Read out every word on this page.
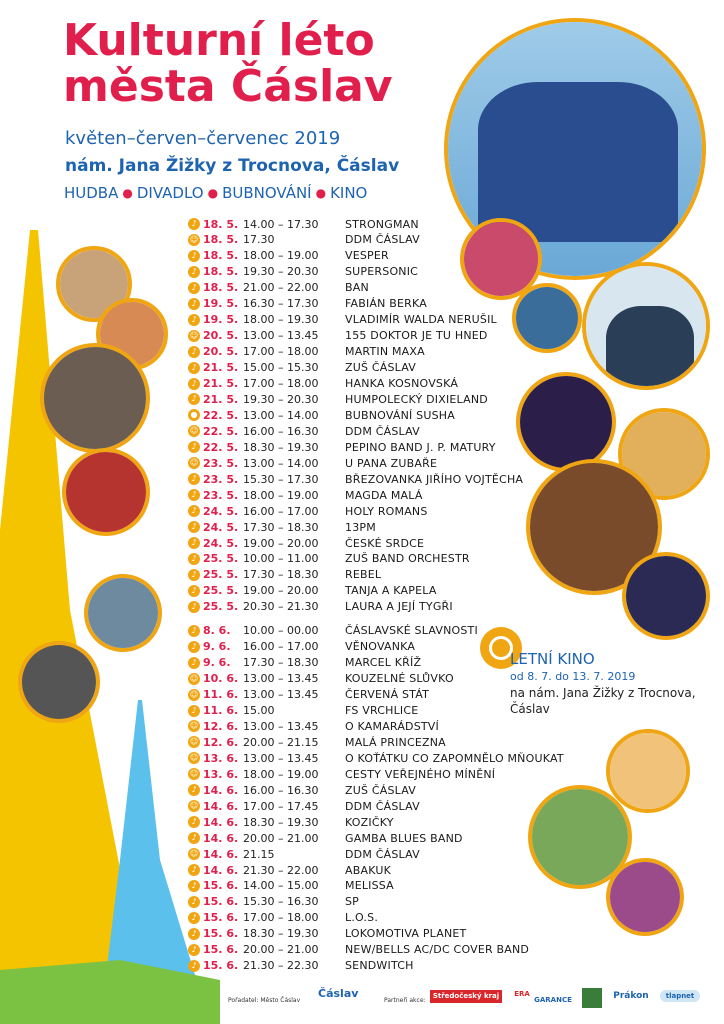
Kulturní léto
města Čáslav
květen–červen–červenec 2019
nám. Jana Žižky z Trocnova, Čáslav
HUDBA ● DIVADLO ● BUBNOVÁNÍ ● KINO
♪ 18. 5. 14.00 – 17.30	STRONGMAN
☺ 18. 5. 17.30	DDM ČÁSLAV
♪ 18. 5. 18.00 – 19.00	VESPER
♪ 18. 5. 19.30 – 20.30	SUPERSONIC
♪ 18. 5. 21.00 – 22.00	BAN
♪ 19. 5. 16.30 – 17.30	FABIÁN BERKA
♪ 19. 5. 18.00 – 19.30	VLADIMÍR WALDA NERUŠIL
☺ 20. 5. 13.00 – 13.45	155 DOKTOR JE TU HNED
♪ 20. 5. 17.00 – 18.00	MARTIN MAXA
♪ 21. 5. 15.00 – 15.30	ZUŠ ČÁSLAV
♪ 21. 5. 17.00 – 18.00	HANKA KOSNOVSKÁ
♪ 21. 5. 19.30 – 20.30	HUMPOLECKÝ DIXIELAND
● 22. 5. 13.00 – 14.00	BUBNOVÁNÍ SUSHA
☺ 22. 5. 16.00 – 16.30	DDM ČÁSLAV
♪ 22. 5. 18.30 – 19.30	PEPINO BAND J. P. MATURY
☺ 23. 5. 13.00 – 14.00	U PANA ZUBAŘE
♪ 23. 5. 15.30 – 17.30	BŘEZOVANKA JIŘÍHO VOJTĚCHA
♪ 23. 5. 18.00 – 19.00	MAGDA MALÁ
♪ 24. 5. 16.00 – 17.00	HOLY ROMANS
♪ 24. 5. 17.30 – 18.30	13PM
♪ 24. 5. 19.00 – 20.00	ČESKÉ SRDCE
♪ 25. 5. 10.00 – 11.00	ZUŠ BAND ORCHESTR
♪ 25. 5. 17.30 – 18.30	REBEL
♪ 25. 5. 19.00 – 20.00	TANJA A KAPELA
♪ 25. 5. 20.30 – 21.30	LAURA A JEJÍ TYGŘI
♪ 8. 6.	10.00 – 00.00	ČÁSLAVSKÉ SLAVNOSTI
♪ 9. 6.	16.00 – 17.00	VĚNOVANKA
♪ 9. 6.	17.30 – 18.30	MARCEL KŘÍŽ
☺ 10. 6. 13.00 – 13.45	KOUZELNÉ SLŮVKO
☺ 11. 6. 13.00 – 13.45	ČERVENÁ STÁT
♪ 11. 6. 15.00	FS VRCHLICE
☺ 12. 6. 13.00 – 13.45	O KAMARÁDSTVÍ
☺ 12. 6. 20.00 – 21.15	MALÁ PRINCEZNA
☺ 13. 6. 13.00 – 13.45	O KOŤÁTKU CO ZAPOMNĚLO MŇOUKAT
☺ 13. 6. 18.00 – 19.00	CESTY VEŘEJNÉHO MÍNĚNÍ
♪ 14. 6. 16.00 – 16.30	ZUŠ ČÁSLAV
☺ 14. 6. 17.00 – 17.45	DDM ČÁSLAV
♪ 14. 6. 18.30 – 19.30	KOZIČKY
♪ 14. 6. 20.00 – 21.00	GAMBA BLUES BAND
☺ 14. 6. 21.15	DDM ČÁSLAV
♪ 14. 6. 21.30 – 22.00	ABAKUK
♪ 15. 6. 14.00 – 15.00	MELISSA
♪ 15. 6. 15.30 – 16.30	SP
♪ 15. 6. 17.00 – 18.00	L.O.S.
♪ 15. 6. 18.30 – 19.30	LOKOMOTIVA PLANET
♪ 15. 6. 20.00 – 21.00	NEW/BELLS AC/DC COVER BAND
♪ 15. 6. 21.30 – 22.30	SENDWITCH
LETNÍ KINO
od 8. 7. do 13. 7. 2019
na nám. Jana Žižky z Trocnova,
Čáslav
Pořadatel: Město Čáslav
Čáslav
Partneři akce:
Středočeský kraj	ERA
GARANCE	Prákon	tlapnet
